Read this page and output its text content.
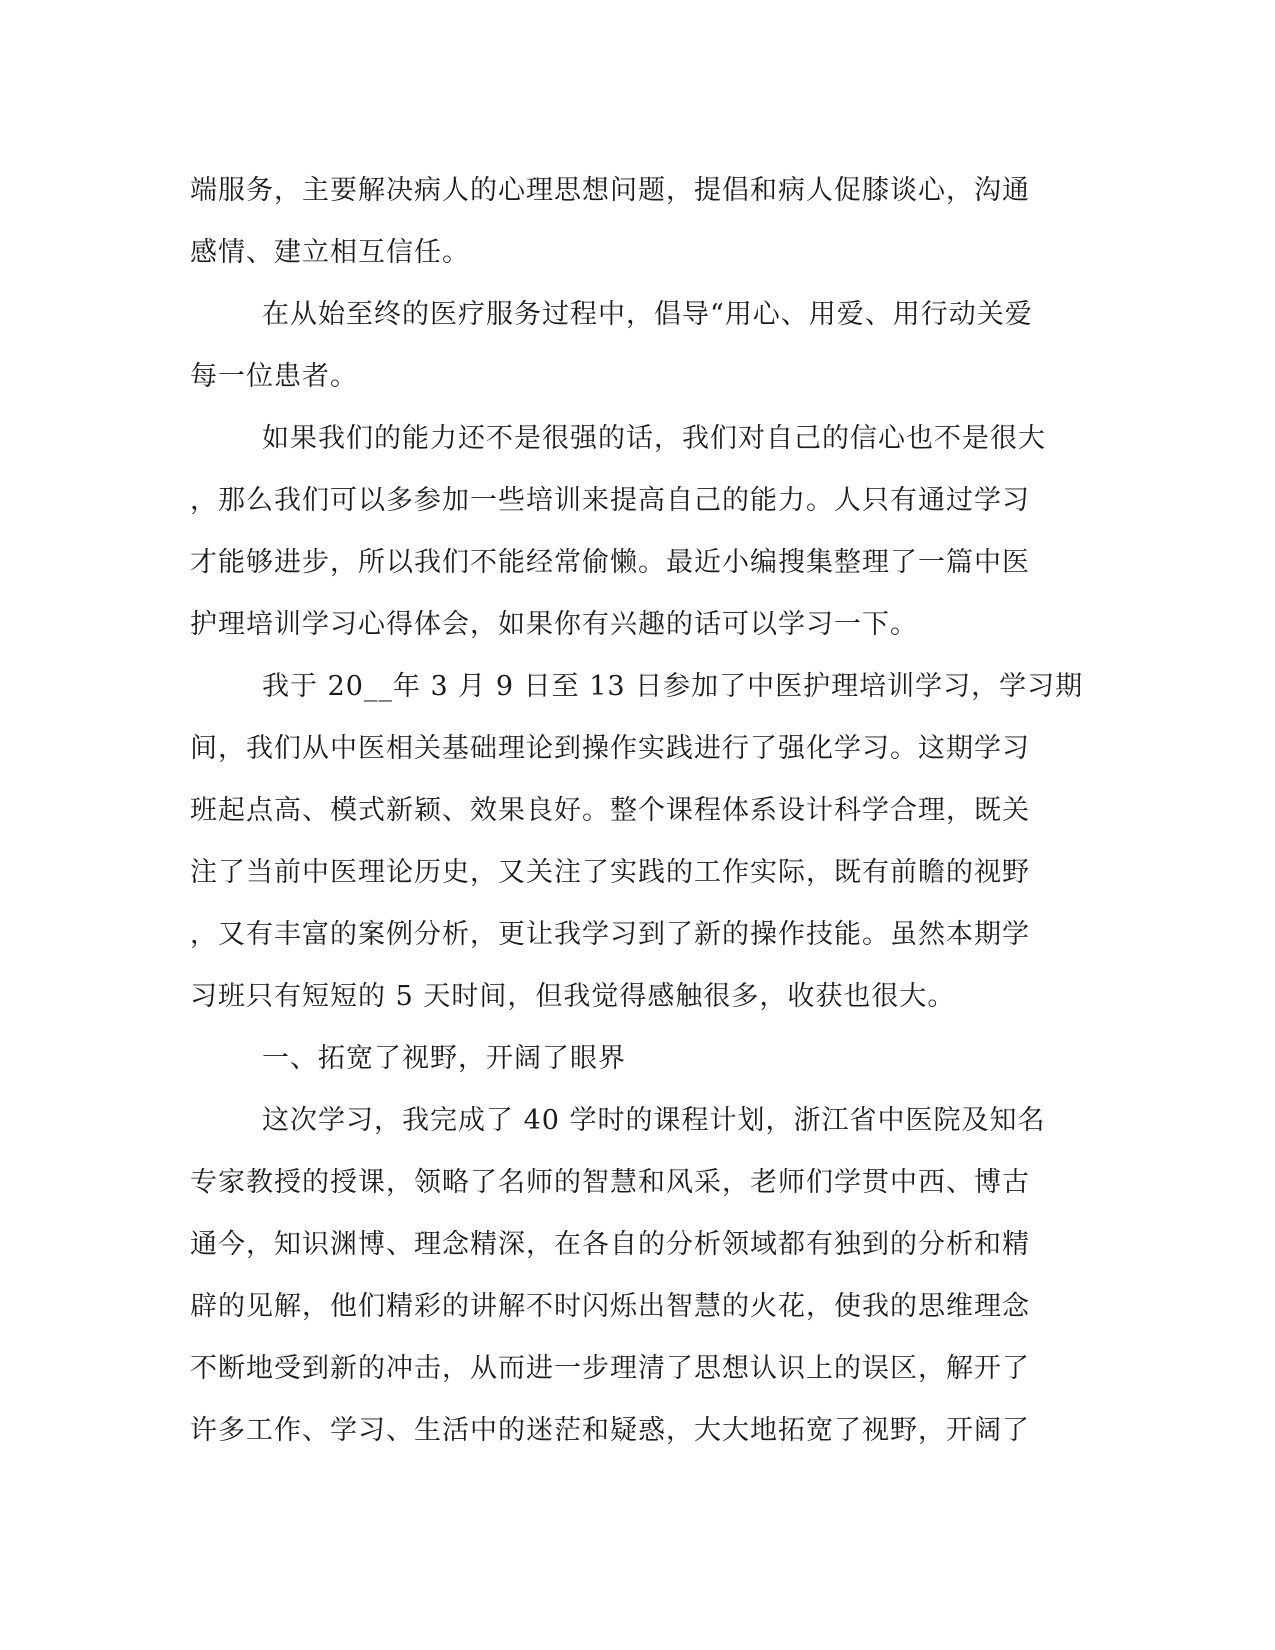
端服务，主要解决病人的心理思想问题，提倡和病人促膝谈心，沟通
感情、建立相互信任。
在从始至终的医疗服务过程中，倡导“用心、用爱、用行动关爱
每一位患者。
如果我们的能力还不是很强的话，我们对自己的信心也不是很大
，那么我们可以多参加一些培训来提高自己的能力。人只有通过学习
才能够进步，所以我们不能经常偷懒。最近小编搜集整理了一篇中医
护理培训学习心得体会，如果你有兴趣的话可以学习一下。
我于 20__年 3 月 9 日至 13 日参加了中医护理培训学习，学习期
间，我们从中医相关基础理论到操作实践进行了强化学习。这期学习
班起点高、模式新颖、效果良好。整个课程体系设计科学合理，既关
注了当前中医理论历史，又关注了实践的工作实际，既有前瞻的视野
，又有丰富的案例分析，更让我学习到了新的操作技能。虽然本期学
习班只有短短的 5 天时间，但我觉得感触很多，收获也很大。
一、拓宽了视野，开阔了眼界
这次学习，我完成了 40 学时的课程计划，浙江省中医院及知名
专家教授的授课，领略了名师的智慧和风采，老师们学贯中西、博古
通今，知识渊博、理念精深，在各自的分析领域都有独到的分析和精
辟的见解，他们精彩的讲解不时闪烁出智慧的火花，使我的思维理念
不断地受到新的冲击，从而进一步理清了思想认识上的误区，解开了
许多工作、学习、生活中的迷茫和疑惑，大大地拓宽了视野，开阔了
